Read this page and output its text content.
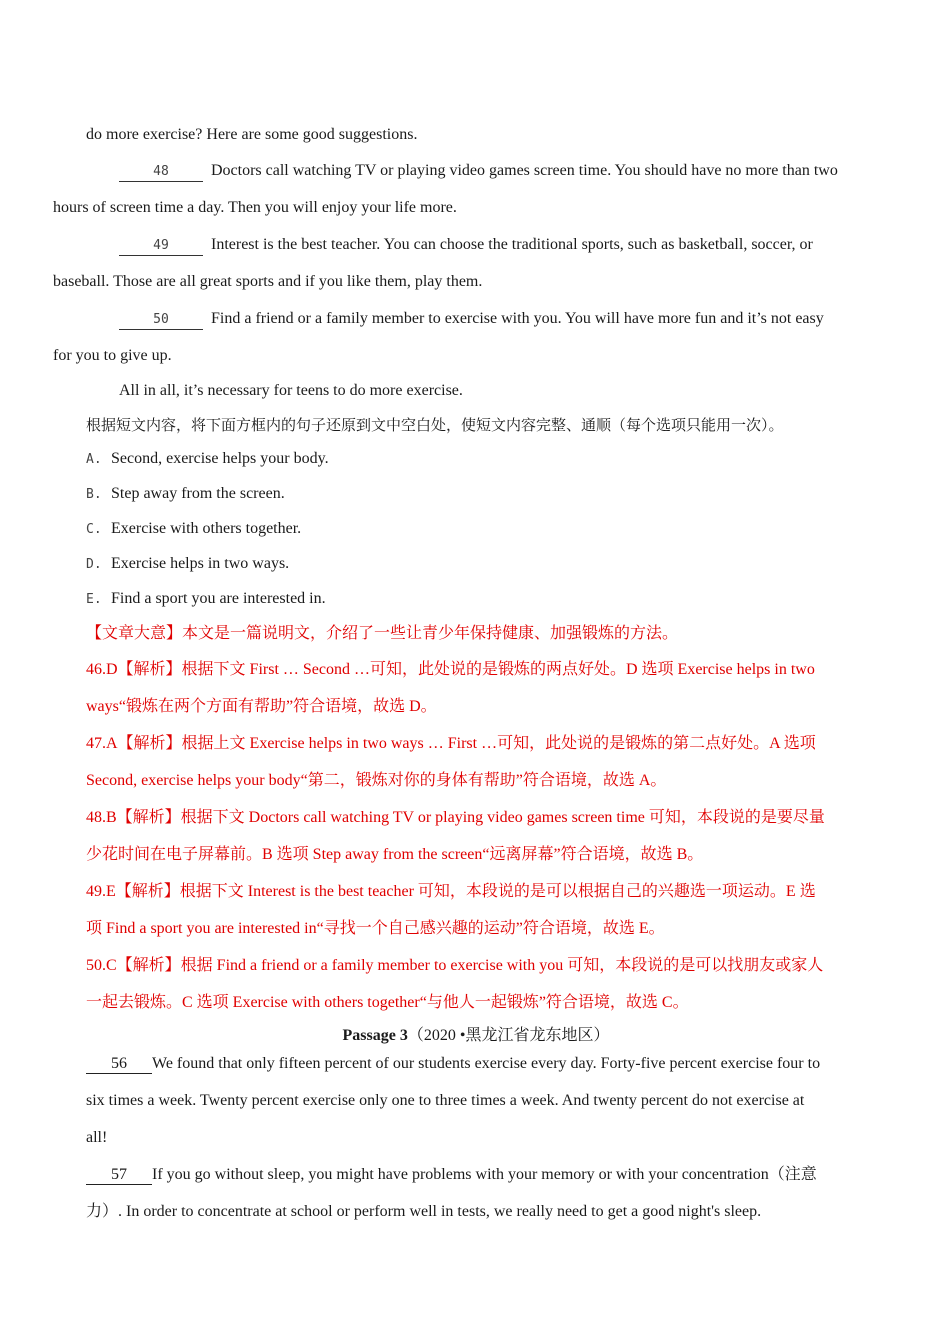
do more exercise? Here are some good suggestions.
48 Doctors call watching TV or playing video games screen time. You should have no more than two
hours of screen time a day. Then you will enjoy your life more.
49 Interest is the best teacher. You can choose the traditional sports, such as basketball, soccer, or
baseball. Those are all great sports and if you like them, play them.
50 Find a friend or a family member to exercise with you. You will have more fun and it’s not easy
for you to give up.
All in all, it’s necessary for teens to do more exercise.
根据短文内容，将下面方框内的句子还原到文中空白处，使短文内容完整、通顺（每个选项只能用一次）。
A. Second, exercise helps your body.
B. Step away from the screen.
C. Exercise with others together.
D. Exercise helps in two ways.
E. Find a sport you are interested in.
【文章大意】本文是一篇说明文，介绍了一些让青少年保持健康、加强锻炼的方法。
46.D【解析】根据下文 First … Second …可知，此处说的是锻炼的两点好处。D 选项 Exercise helps in two
ways“锻炼在两个方面有帮助”符合语境，故选 D。
47.A【解析】根据上文 Exercise helps in two ways … First …可知，此处说的是锻炼的第二点好处。A 选项
Second, exercise helps your body“第二，锻炼对你的身体有帮助”符合语境，故选 A。
48.B【解析】根据下文 Doctors call watching TV or playing video games screen time 可知，本段说的是要尽量
少花时间在电子屏幕前。B 选项 Step away from the screen“远离屏幕”符合语境，故选 B。
49.E【解析】根据下文 Interest is the best teacher 可知，本段说的是可以根据自己的兴趣选一项运动。E 选
项 Find a sport you are interested in“寻找一个自己感兴趣的运动”符合语境，故选 E。
50.C【解析】根据 Find a friend or a family member to exercise with you 可知，本段说的是可以找朋友或家人
一起去锻炼。C 选项 Exercise with others together“与他人一起锻炼”符合语境，故选 C。
Passage 3（2020 •黑龙江省龙东地区）
56 We found that only fifteen percent of our students exercise every day. Forty-five percent exercise four to
six times a week. Twenty percent exercise only one to three times a week. And twenty percent do not exercise at
all!
57 If you go without sleep, you might have problems with your memory or with your concentration（注意
力）. In order to concentrate at school or perform well in tests, we really need to get a good night's sleep.
